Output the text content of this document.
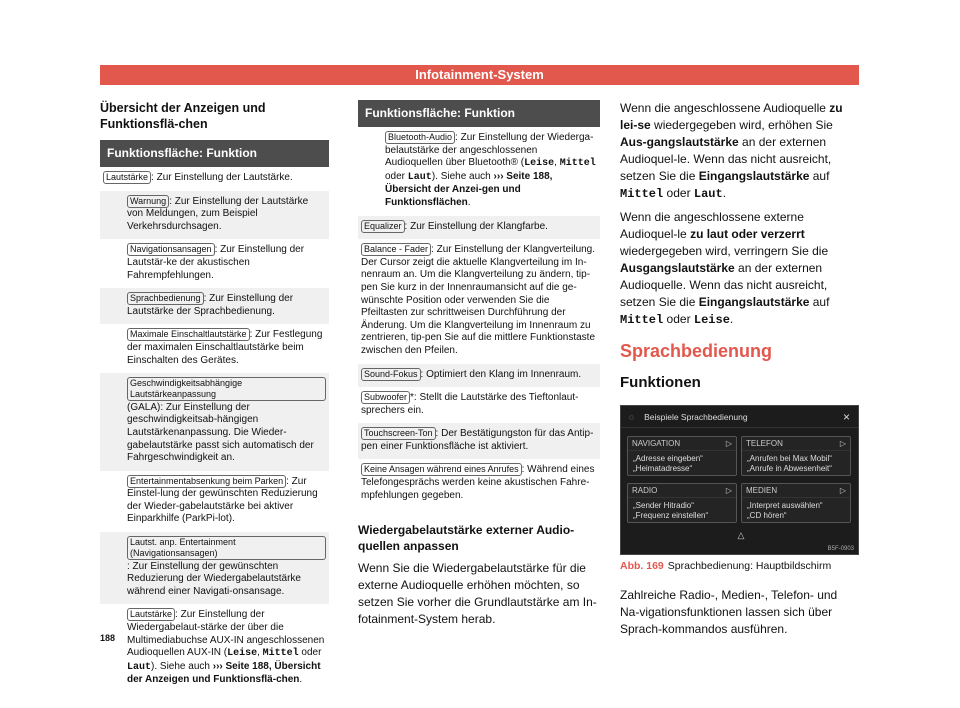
Infotainment-System
Übersicht der Anzeigen und Funktionsflä-chen
Funktionsfläche: Funktion
Lautstärke : Zur Einstellung der Lautstärke.
Warnung : Zur Einstellung der Lautstärke von Meldungen, zum Beispiel Verkehrsdurchsagen.
Navigationsansagen : Zur Einstellung der Lautstär-ke der akustischen Fahrempfehlungen.
Sprachbedienung : Zur Einstellung der Lautstärke der Sprachbedienung.
Maximale Einschaltlautstärke : Zur Festlegung der maximalen Einschaltlautstärke beim Einschalten des Gerätes.
Geschwindigkeitsabhängige Lautstärkeanpassung
(GALA): Zur Einstellung der geschwindigkeitsab-hängigen Lautstärkenanpassung. Die Wieder-gabelautstärke passt sich automatisch der Fahrgeschwindigkeit an.
Entertainmentabsenkung beim Parken : Zur Einstel-lung der gewünschten Reduzierung der Wieder-gabelautstärke bei aktiver Einparkhilfe (ParkPi-lot).
Lautst. anp. Entertainment (Navigationsansagen): Zur Einstellung der gewünschten Reduzierung der Wiedergabelautstärke während einer Navigati-onsansage.
Lautstärke : Zur Einstellung der Wiedergabelaut-stärke der über die Multimediabuchse AUX-IN angeschlossenen Audioquellen AUX-IN (Leise, Mittel oder Laut). Siehe auch ››› Seite 188, Übersicht der Anzeigen und Funktionsflä-chen.
188
Funktionsfläche: Funktion
Bluetooth-Audio : Zur Einstellung der Wiederga-belautstärke der angeschlossenen Audioquellen über Bluetooth® (Leise, Mittel oder Laut). Siehe auch ››› Seite 188, Übersicht der Anzei-gen und Funktionsflächen.
Equalizer : Zur Einstellung der Klangfarbe.
Balance - Fader : Zur Einstellung der Klangverteilung. Der Cursor zeigt die aktuelle Klangverteilung im In-nenraum an. Um die Klangverteilung zu ändern, tip-pen Sie kurz in der Innenraumansicht auf die ge-wünschte Position oder verwenden Sie die Pfeiltasten zur schrittweisen Durchführung der Änderung. Um die Klangverteilung im Innenraum zu zentrieren, tip-pen Sie auf die mittlere Funktionstaste zwischen den Pfeilen.
Sound-Fokus : Optimiert den Klang im Innenraum.
Subwoofer *: Stellt die Lautstärke des Tieftonlaut-sprechers ein.
Touchscreen-Ton : Der Bestätigungston für das Antip-pen einer Funktionsfläche ist aktiviert.
Keine Ansagen während eines Anrufes : Während eines Telefongesprächs werden keine akustischen Fahre-mpfehlungen gegeben.
Wiedergabelautstärke externer Audio-quellen anpassen
Wenn Sie die Wiedergabelautstärke für die externe Audioquelle erhöhen möchten, so setzen Sie vorher die Grundlautstärke am In-fotainment-System herab.
Wenn die angeschlossene Audioquelle zu lei-se wiedergegeben wird, erhöhen Sie Aus-gangslautstärke an der externen Audioquel-le. Wenn das nicht ausreicht, setzen Sie die Eingangslautstärke auf Mittel oder Laut.
Wenn die angeschlossene externe Audioquel-le zu laut oder verzerrt wiedergegeben wird, verringern Sie die Ausgangslautstärke an der externen Audioquelle. Wenn das nicht ausreicht, setzen Sie die Eingangslautstärke auf Mittel oder Leise.
Sprachbedienung
Funktionen
◌ Beispiele Sprachbedienung	×
NAVIGATION	▷
„Adresse eingeben“
„Heimatadresse“
TELEFON	▷
„Anrufen bei Max Mobil“
„Anrufe in Abwesenheit“
RADIO	▷
„Sender Hitradio“
„Frequenz einstellen“
MEDIEN	▷
„Interpret auswählen“
„CD hören“
△
B5F-0903
Abb. 169 Sprachbedienung: Hauptbildschirm
Zahlreiche Radio-, Medien-, Telefon- und Na-vigationsfunktionen lassen sich über Sprach-kommandos ausführen.
